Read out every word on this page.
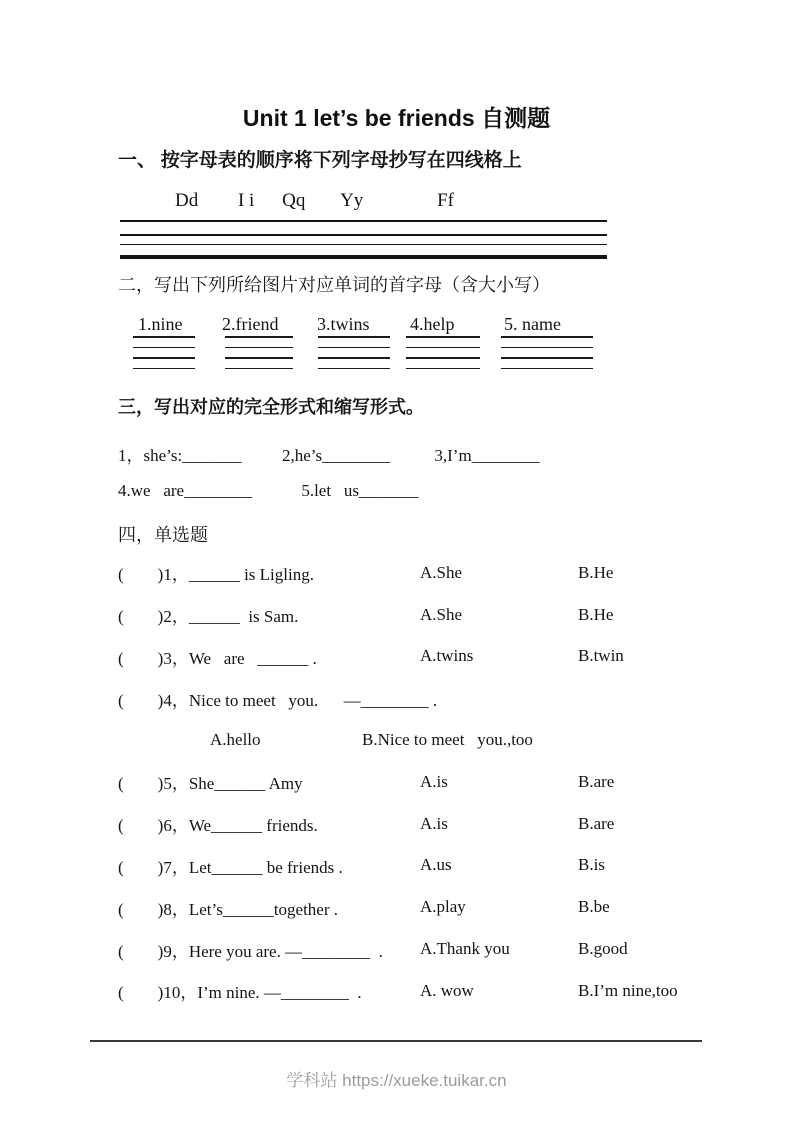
Unit 1 let’s be friends 自测题
一、 按字母表的顺序将下列字母抄写在四线格上
Dd I i Qq Yy	Ff
二，写出下列所给图片对应单词的首字母（含大小写）
1.nine 2.friend 3.twins 4.help	5. name
三，写出对应的完全形式和缩写形式。
1，she’s:_______ 2,he’s________	3,I’m________
4.we   are________	5.let   us_______
四，单选题
(        )1，______ is Ligling.	A.She	B.He
(        )2，______  is Sam.	A.She	B.He
(        )3，We   are   ______ .	A.twins	B.twin
(        )4，Nice to meet   you.      —________ .
A.hello	B.Nice to meet   you.,too
(        )5，She______ Amy	A.is	B.are
(        )6，We______ friends.	A.is	B.are
(        )7，Let______ be friends .	A.us	B.is
(        )8，Let’s______together .	A.play	B.be
(        )9，Here you are. —________  .	A.Thank you	B.good
(        )10，I’m nine. —________  .	A. wow	B.I’m nine,too
学科站 https://xueke.tuikar.cn
